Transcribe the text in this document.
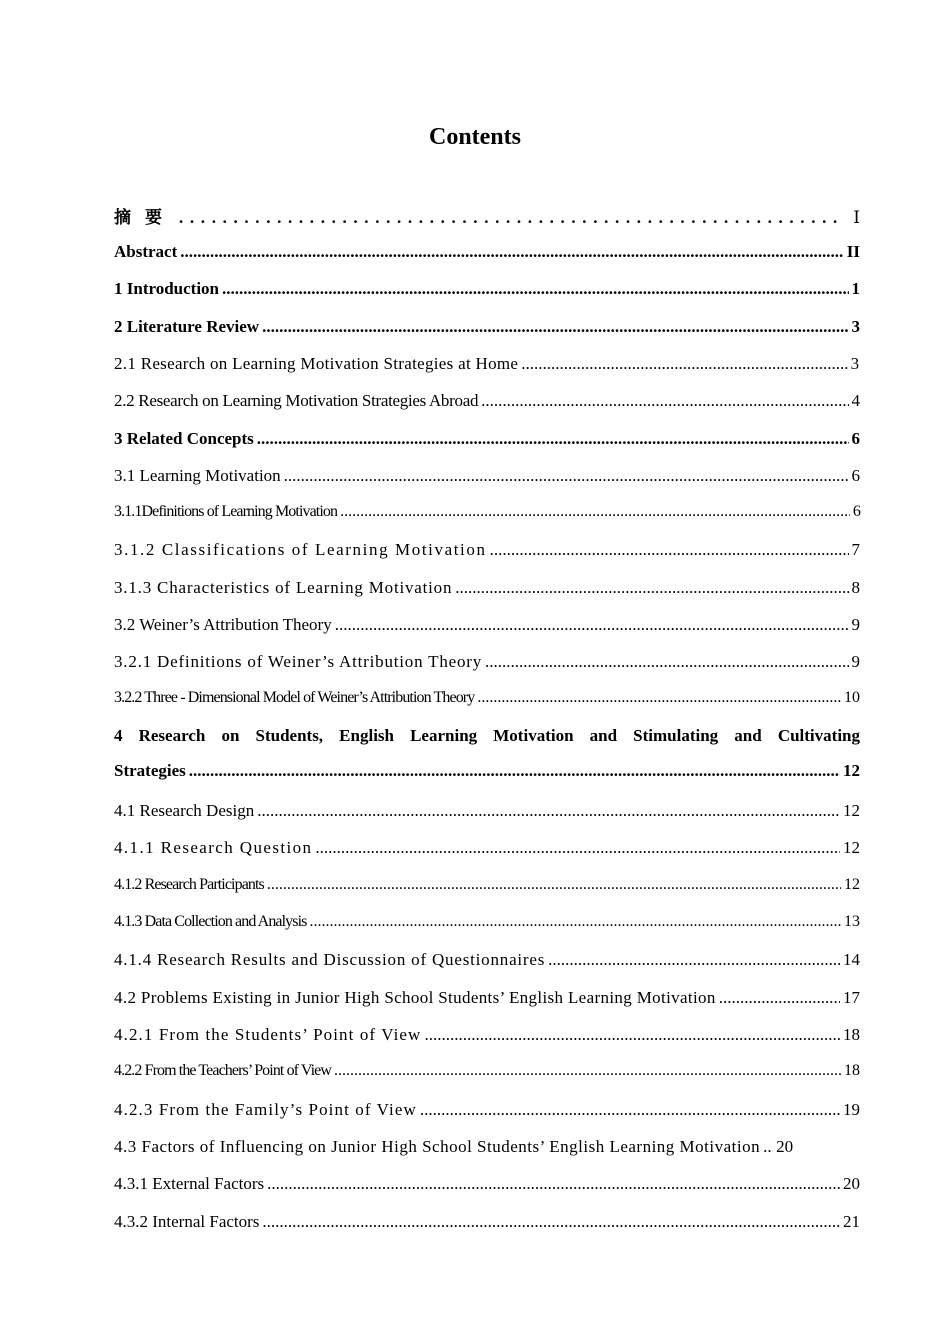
Contents
摘要 . . .	Ⅰ
Abstract .....	II
1 Introduction .....	1
2 Literature Review .....	3
2.1 Research on Learning Motivation Strategies at Home .....	3
2.2 Research on Learning Motivation Strategies Abroad .....	4
3 Related Concepts .....	6
3.1 Learning Motivation .....	6
3.1.1Definitions of Learning Motivation .....	6
3.1.2 Classifications of Learning Motivation .....	7
3.1.3 Characteristics of Learning Motivation .....	8
3.2 Weiner’s Attribution Theory .....	9
3.2.1 Definitions of Weiner’s Attribution Theory .....	9
3.2.2 Three - Dimensional Model of Weiner’s Attribution Theory .....	10
4 Research on Students, English Learning Motivation and Stimulating and Cultivating
Strategies .....	12
4.1 Research Design .....	12
4.1.1 Research Question .....	12
4.1.2 Research Participants .....	12
4.1.3 Data Collection and Analysis .....	13
4.1.4 Research Results and Discussion of Questionnaires .....	14
4.2 Problems Existing in Junior High School Students’ English Learning Motivation .....	17
4.2.1 From the Students’ Point of View .....	18
4.2.2 From the Teachers’ Point of View .....	18
4.2.3 From the Family’s Point of View .....	19
4.3 Factors of Influencing on Junior High School Students’ English Learning Motivation ..... 20
4.3.1 External Factors .....	20
4.3.2 Internal Factors .....	21
